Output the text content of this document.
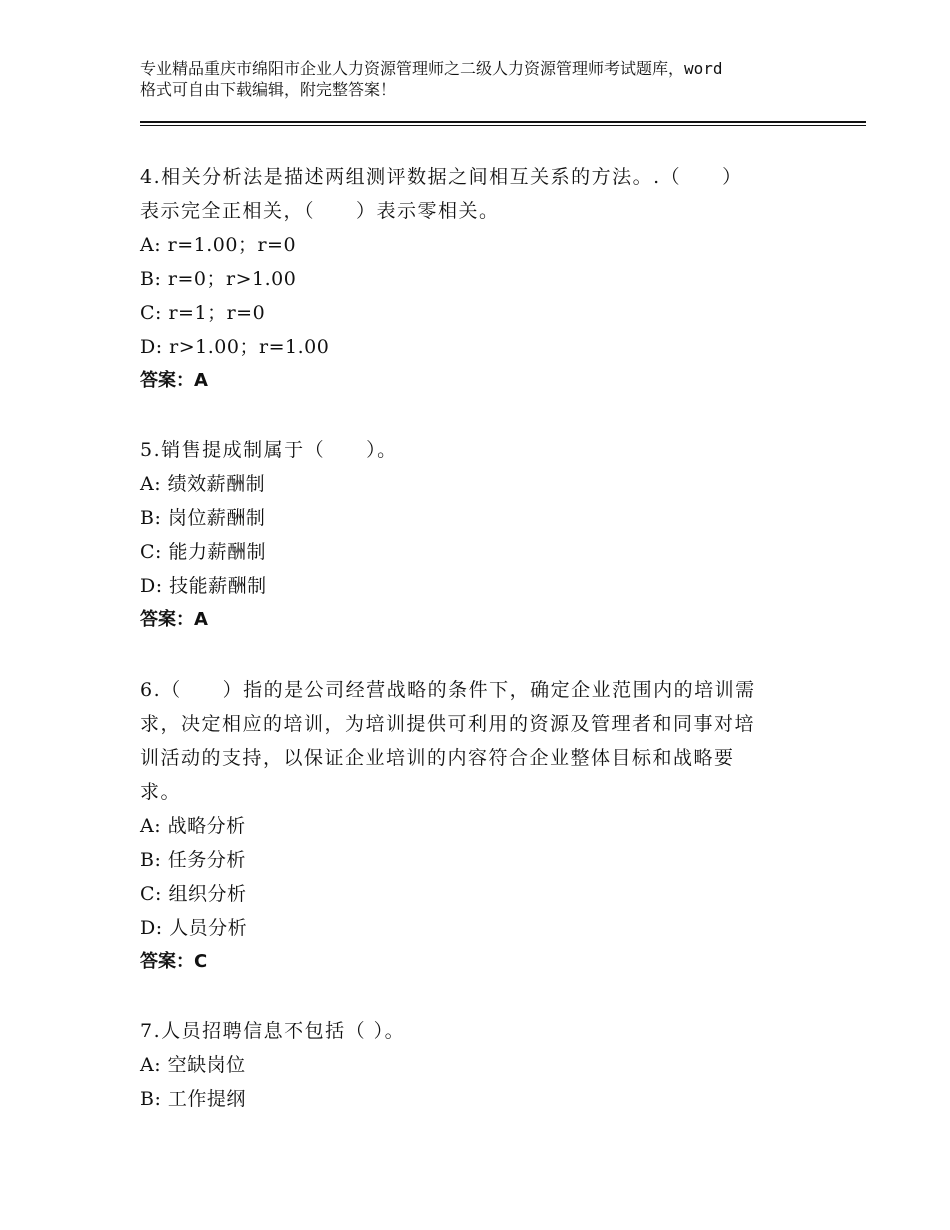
专业精品重庆市绵阳市企业人力资源管理师之二级人力资源管理师考试题库，word
格式可自由下载编辑，附完整答案！
4.相关分析法是描述两组测评数据之间相互关系的方法。.（　　）
表示完全正相关，（　　）表示零相关。
A: r=1.00；r=0
B: r=0；r>1.00
C: r=1；r=0
D: r>1.00；r=1.00
答案：A
5.销售提成制属于（　　）。
A: 绩效薪酬制
B: 岗位薪酬制
C: 能力薪酬制
D: 技能薪酬制
答案：A
6.（　　）指的是公司经营战略的条件下，确定企业范围内的培训需
求，决定相应的培训，为培训提供可利用的资源及管理者和同事对培
训活动的支持，以保证企业培训的内容符合企业整体目标和战略要
求。
A: 战略分析
B: 任务分析
C: 组织分析
D: 人员分析
答案：C
7.人员招聘信息不包括（ ）。
A: 空缺岗位
B: 工作提纲
